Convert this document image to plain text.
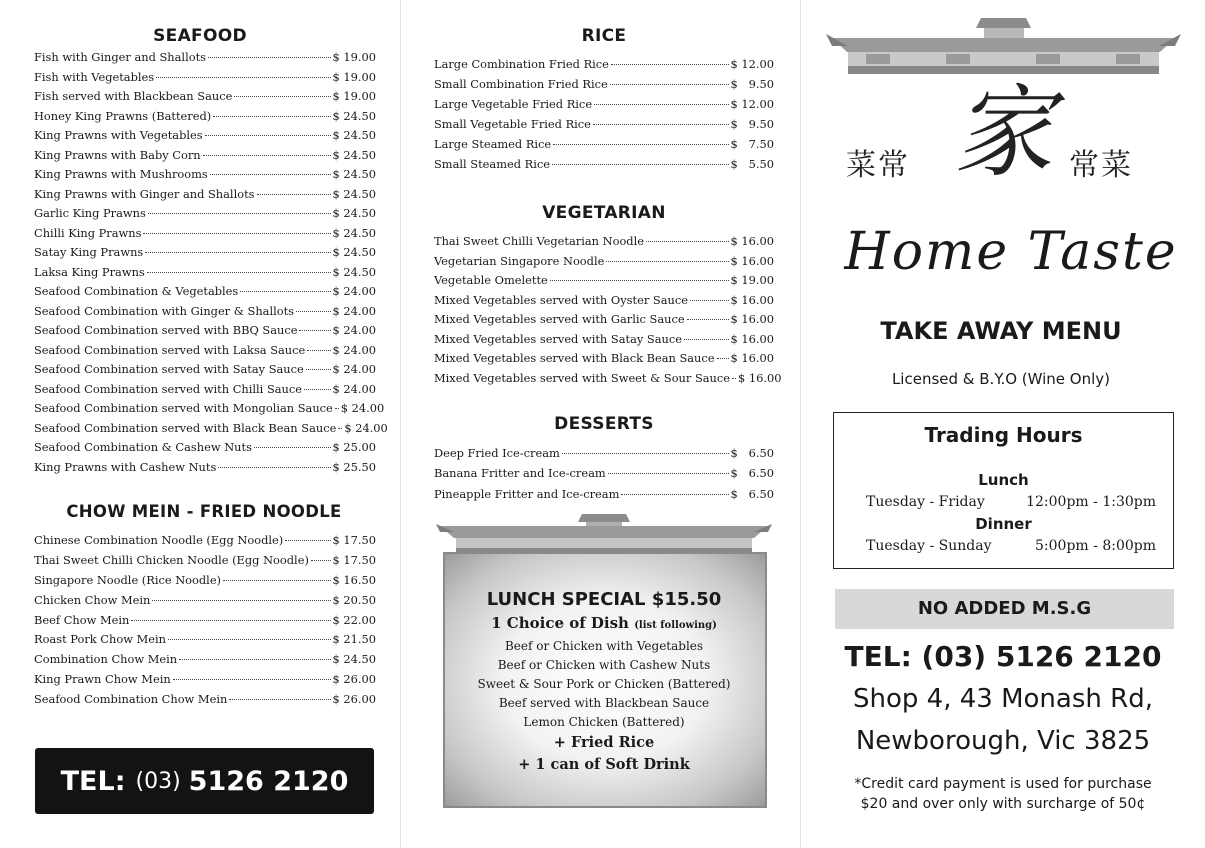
SEAFOOD
Fish with Ginger and Shallots	$ 19.00
Fish with Vegetables	$ 19.00
Fish served with Blackbean Sauce	$ 19.00
Honey King Prawns (Battered)	$ 24.50
King Prawns with Vegetables	$ 24.50
King Prawns with Baby Corn	$ 24.50
King Prawns with Mushrooms	$ 24.50
King Prawns with Ginger and Shallots	$ 24.50
Garlic King Prawns	$ 24.50
Chilli King Prawns	$ 24.50
Satay King Prawns	$ 24.50
Laksa King Prawns	$ 24.50
Seafood Combination & Vegetables	$ 24.00
Seafood Combination with Ginger & Shallots	$ 24.00
Seafood Combination served with BBQ Sauce	$ 24.00
Seafood Combination served with Laksa Sauce $ 24.00
Seafood Combination served with Satay Sauce	$ 24.00
Seafood Combination served with Chilli Sauce	$ 24.00
Seafood Combination served with Mongolian Sauce $ 24.00
Seafood Combination served with Black Bean Sauce $ 24.00
Seafood Combination & Cashew Nuts	$ 25.00
King Prawns with Cashew Nuts	$ 25.50
CHOW MEIN - FRIED NOODLE
Chinese Combination Noodle (Egg Noodle)	$ 17.50
Thai Sweet Chilli Chicken Noodle (Egg Noodle) $ 17.50
Singapore Noodle (Rice Noodle)	$ 16.50
Chicken Chow Mein	$ 20.50
Beef Chow Mein	$ 22.00
Roast Pork Chow Mein	$ 21.50
Combination Chow Mein	$ 24.50
King Prawn Chow Mein	$ 26.00
Seafood Combination Chow Mein	$ 26.00
TEL: (03) 5126 2120
RICE
Large Combination Fried Rice	$ 12.00
Small Combination Fried Rice	$   9.50
Large Vegetable Fried Rice	$ 12.00
Small Vegetable Fried Rice	$   9.50
Large Steamed Rice	$   7.50
Small Steamed Rice	$   5.50
VEGETARIAN
Thai Sweet Chilli Vegetarian Noodle	$ 16.00
Vegetarian Singapore Noodle	$ 16.00
Vegetable Omelette	$ 19.00
Mixed Vegetables served with Oyster Sauce	$ 16.00
Mixed Vegetables served with Garlic Sauce	$ 16.00
Mixed Vegetables served with Satay Sauce	$ 16.00
Mixed Vegetables served with Black Bean Sauce $ 16.00
Mixed Vegetables served with Sweet & Sour Sauce $ 16.00
DESSERTS
Deep Fried Ice-cream	$   6.50
Banana Fritter and Ice-cream	$   6.50
Pineapple Fritter and Ice-cream	$   6.50
LUNCH SPECIAL $15.50
1 Choice of Dish (list following)
Beef or Chicken with Vegetables
Beef or Chicken with Cashew Nuts
Sweet & Sour Pork or Chicken (Battered)
Beef served with Blackbean Sauce
Lemon Chicken (Battered)
+ Fried Rice
+ 1 can of Soft Drink
菜常 家 常菜
Home Taste
TAKE AWAY MENU
Licensed & B.Y.O (Wine Only)
Trading Hours
Lunch
Tuesday - Friday	12:00pm - 1:30pm
Dinner
Tuesday - Sunday	5:00pm - 8:00pm
NO ADDED M.S.G
TEL: (03) 5126 2120
Shop 4, 43 Monash Rd,
Newborough, Vic 3825
*Credit card payment is used for purchase
$20 and over only with surcharge of 50¢
